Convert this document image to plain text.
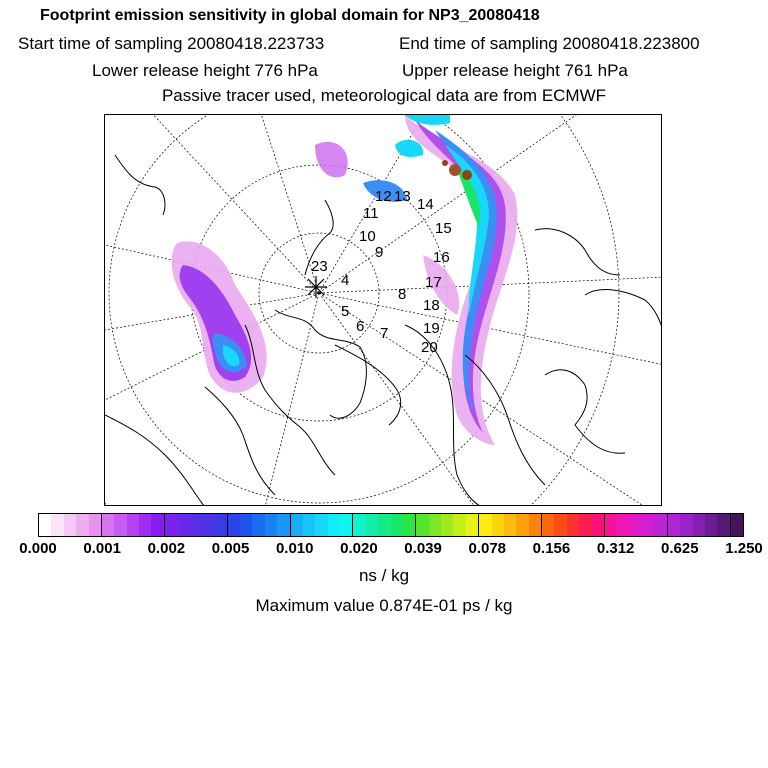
Footprint emission sensitivity in global domain for NP3_20080418
Start time of sampling 20080418.223733	End time of sampling 20080418.223800
Lower release height 776 hPa	Upper release height 761 hPa
Passive tracer used, meteorological data are from ECMWF
23
4
5
6 7
8
9
10
11
12 13 14
15
16
17
18
19
20
0.000 0.001 0.002 0.005 0.010 0.020 0.039 0.078 0.156 0.312 0.625 1.250
ns / kg
Maximum value 0.874E-01 ps / kg
